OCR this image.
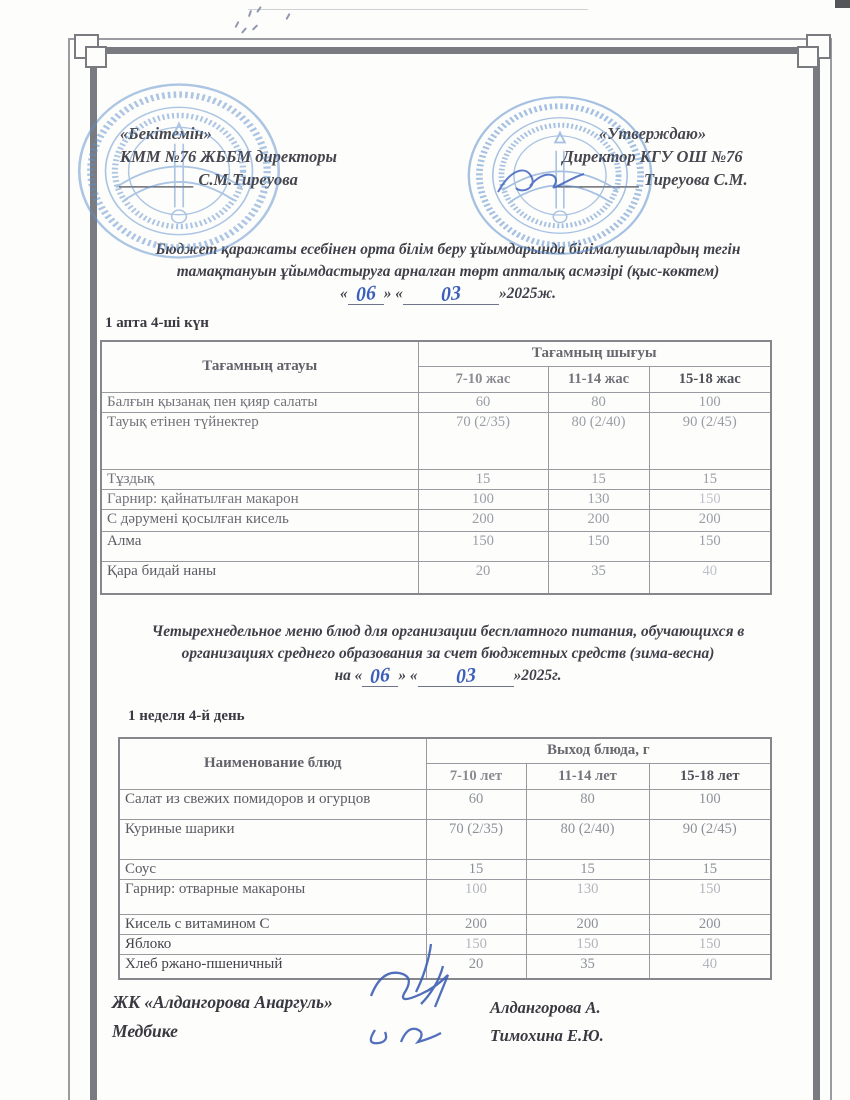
«Бекітемін»
КММ №76 ЖББМ директоры
_________ С.М.Тиреуова
«Утверждаю»
Директор КГУ ОШ №76
__________ Тиреуова С.М.
Бюджет қаражаты есебінен орта білім беру ұйымдарында білімалушылардың тегін
тамақтануын ұйымдастыруға арналған төрт апталық асмәзірі (қыс-көктем)
« 06 » « 03 »2025ж.
1 апта 4-ші күн
Тағамның атауы	Тағамның шығуы		
	7-10 жас	11-14 жас	15-18 жас
Балғын қызанақ пен қияр салаты	60	80	100
Тауық етінен түйнектер	70 (2/35)	80 (2/40)	90 (2/45)
Тұздық	15	15	15
Гарнир: қайнатылған макарон	100	130	150
С дәрумені қосылған кисель	200	200	200
Алма	150	150	150
Қара бидай наны	20	35	40
Четырехнедельное меню блюд для организации бесплатного питания, обучающихся в
организациях среднего образования за счет бюджетных средств (зима-весна)
на « 06 » « 03 »2025г.
1 неделя 4-й день
Наименование блюд	Выход блюда, г		
	7-10 лет	11-14 лет	15-18 лет
Салат из свежих помидоров и огурцов	60	80	100
Куриные шарики	70 (2/35)	80 (2/40)	90 (2/45)
Соус	15	15	15
Гарнир: отварные макароны	100	130	150
Кисель с витамином С	200	200	200
Яблоко	150	150	150
Хлеб ржано-пшеничный	20	35	40
ЖК «Алдангорова Анаргуль»
Медбике
Алдангорова А.
Тимохина Е.Ю.
